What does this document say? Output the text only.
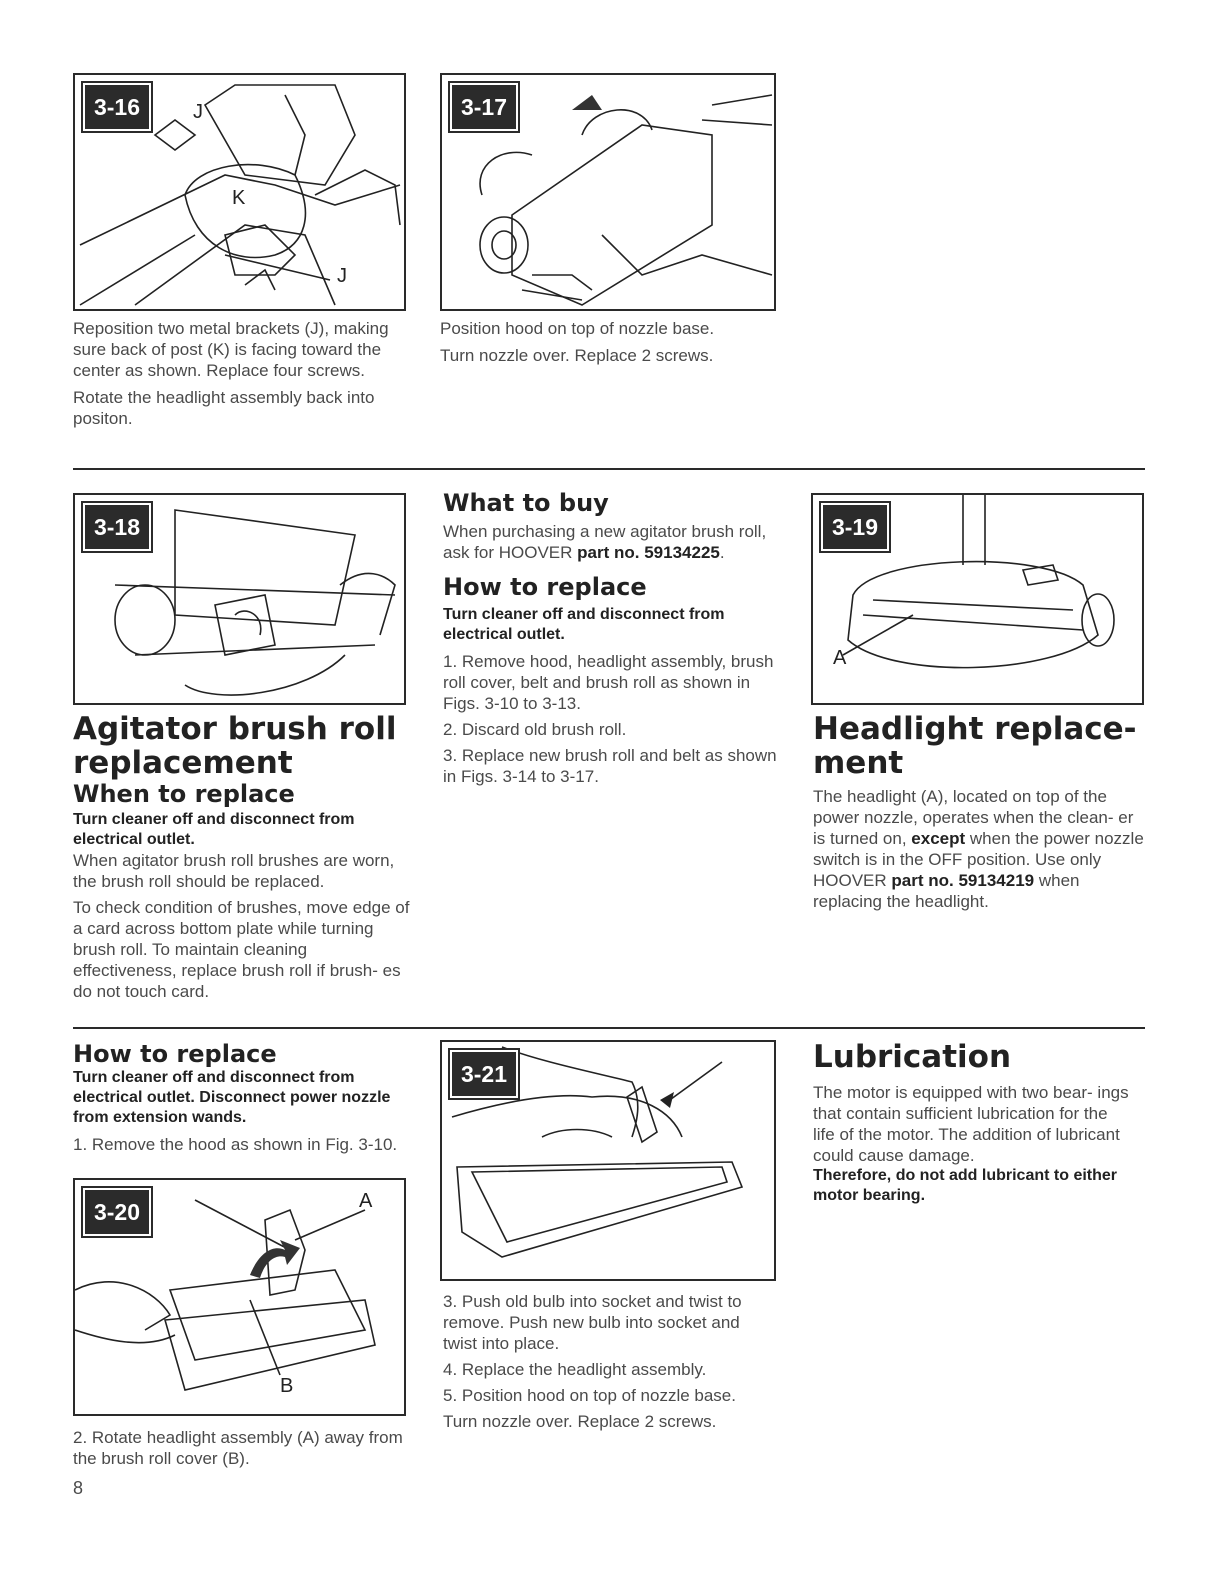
3-16	J
K
J
3-17

Reposition two metal brackets (J), making sure back of post (K) is facing toward the center as shown. Replace four screws.

Rotate the headlight assembly back into positon.

Position hood on top of nozzle base.

Turn nozzle over. Replace 2 screws.

3-18
Agitator brush roll
replacement
When to replace
Turn cleaner off and disconnect from electrical outlet.

When agitator brush roll brushes are worn, the brush roll should be replaced.

To check condition of brushes, move edge of a card across bottom plate while turning brush roll. To maintain cleaning effectiveness, replace brush roll if brush- es do not touch card.

What to buy
When purchasing a new agitator brush roll, ask for HOOVER part no. 59134225.
How to replace
Turn cleaner off and disconnect from electrical outlet.

1. Remove hood, headlight assembly, brush roll cover, belt and brush roll as shown in Figs. 3-10 to 3-13.

2. Discard old brush roll.

3. Replace new brush roll and belt as shown in Figs. 3-14 to 3-17.

3-19
A
Headlight replace-
ment
The headlight (A), located on top of the power nozzle, operates when the clean- er is turned on, except when the power nozzle switch is in the OFF position. Use only HOOVER part no. 59134219 when replacing the headlight.
How to replace
Turn cleaner off and disconnect from electrical outlet. Disconnect power nozzle from extension wands.
1. Remove the hood as shown in Fig. 3-10.
3-20	A
B
2. Rotate headlight assembly (A) away from the brush roll cover (B).
8
3-21

3. Push old bulb into socket and twist to remove. Push new bulb into socket and twist into place.

4. Replace the headlight assembly.

5. Position hood on top of nozzle base.

Turn nozzle over. Replace 2 screws.

Lubrication
The motor is equipped with two bear- ings that contain sufficient lubrication for the life of the motor. The addition of lubricant could cause damage.
Therefore, do not add lubricant to either motor bearing.
